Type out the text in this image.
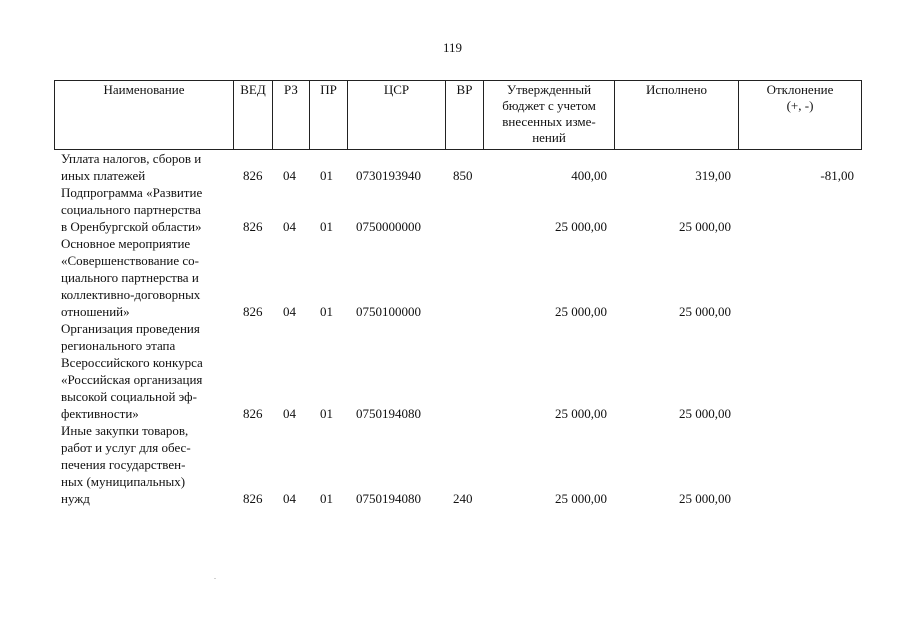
119
Наименование	ВЕД	РЗ	ПР	ЦСР	ВР	Утвержденный
бюджет с учетом
внесенных изме-
нений
Исполнено	Отклонение
(+, -)
Уплата налогов, сборов и
иных платежей	826 04 01 0730193940 850	400,00	319,00	-81,00
Подпрограмма «Развитие
социального партнерства
в Оренбургской области»	826 04 01 0750000000	25 000,00	25 000,00
Основное мероприятие
«Совершенствование со-
циального партнерства и
коллективно-договорных
отношений»	826 04 01 0750100000	25 000,00	25 000,00
Организация проведения
регионального этапа
Всероссийского конкурса
«Российская организация
высокой социальной эф-
фективности»	826 04 01 0750194080	25 000,00	25 000,00
Иные закупки товаров,
работ и услуг для обес-
печения государствен-
ных (муниципальных)
нужд	826 04 01 0750194080 240	25 000,00	25 000,00
.
